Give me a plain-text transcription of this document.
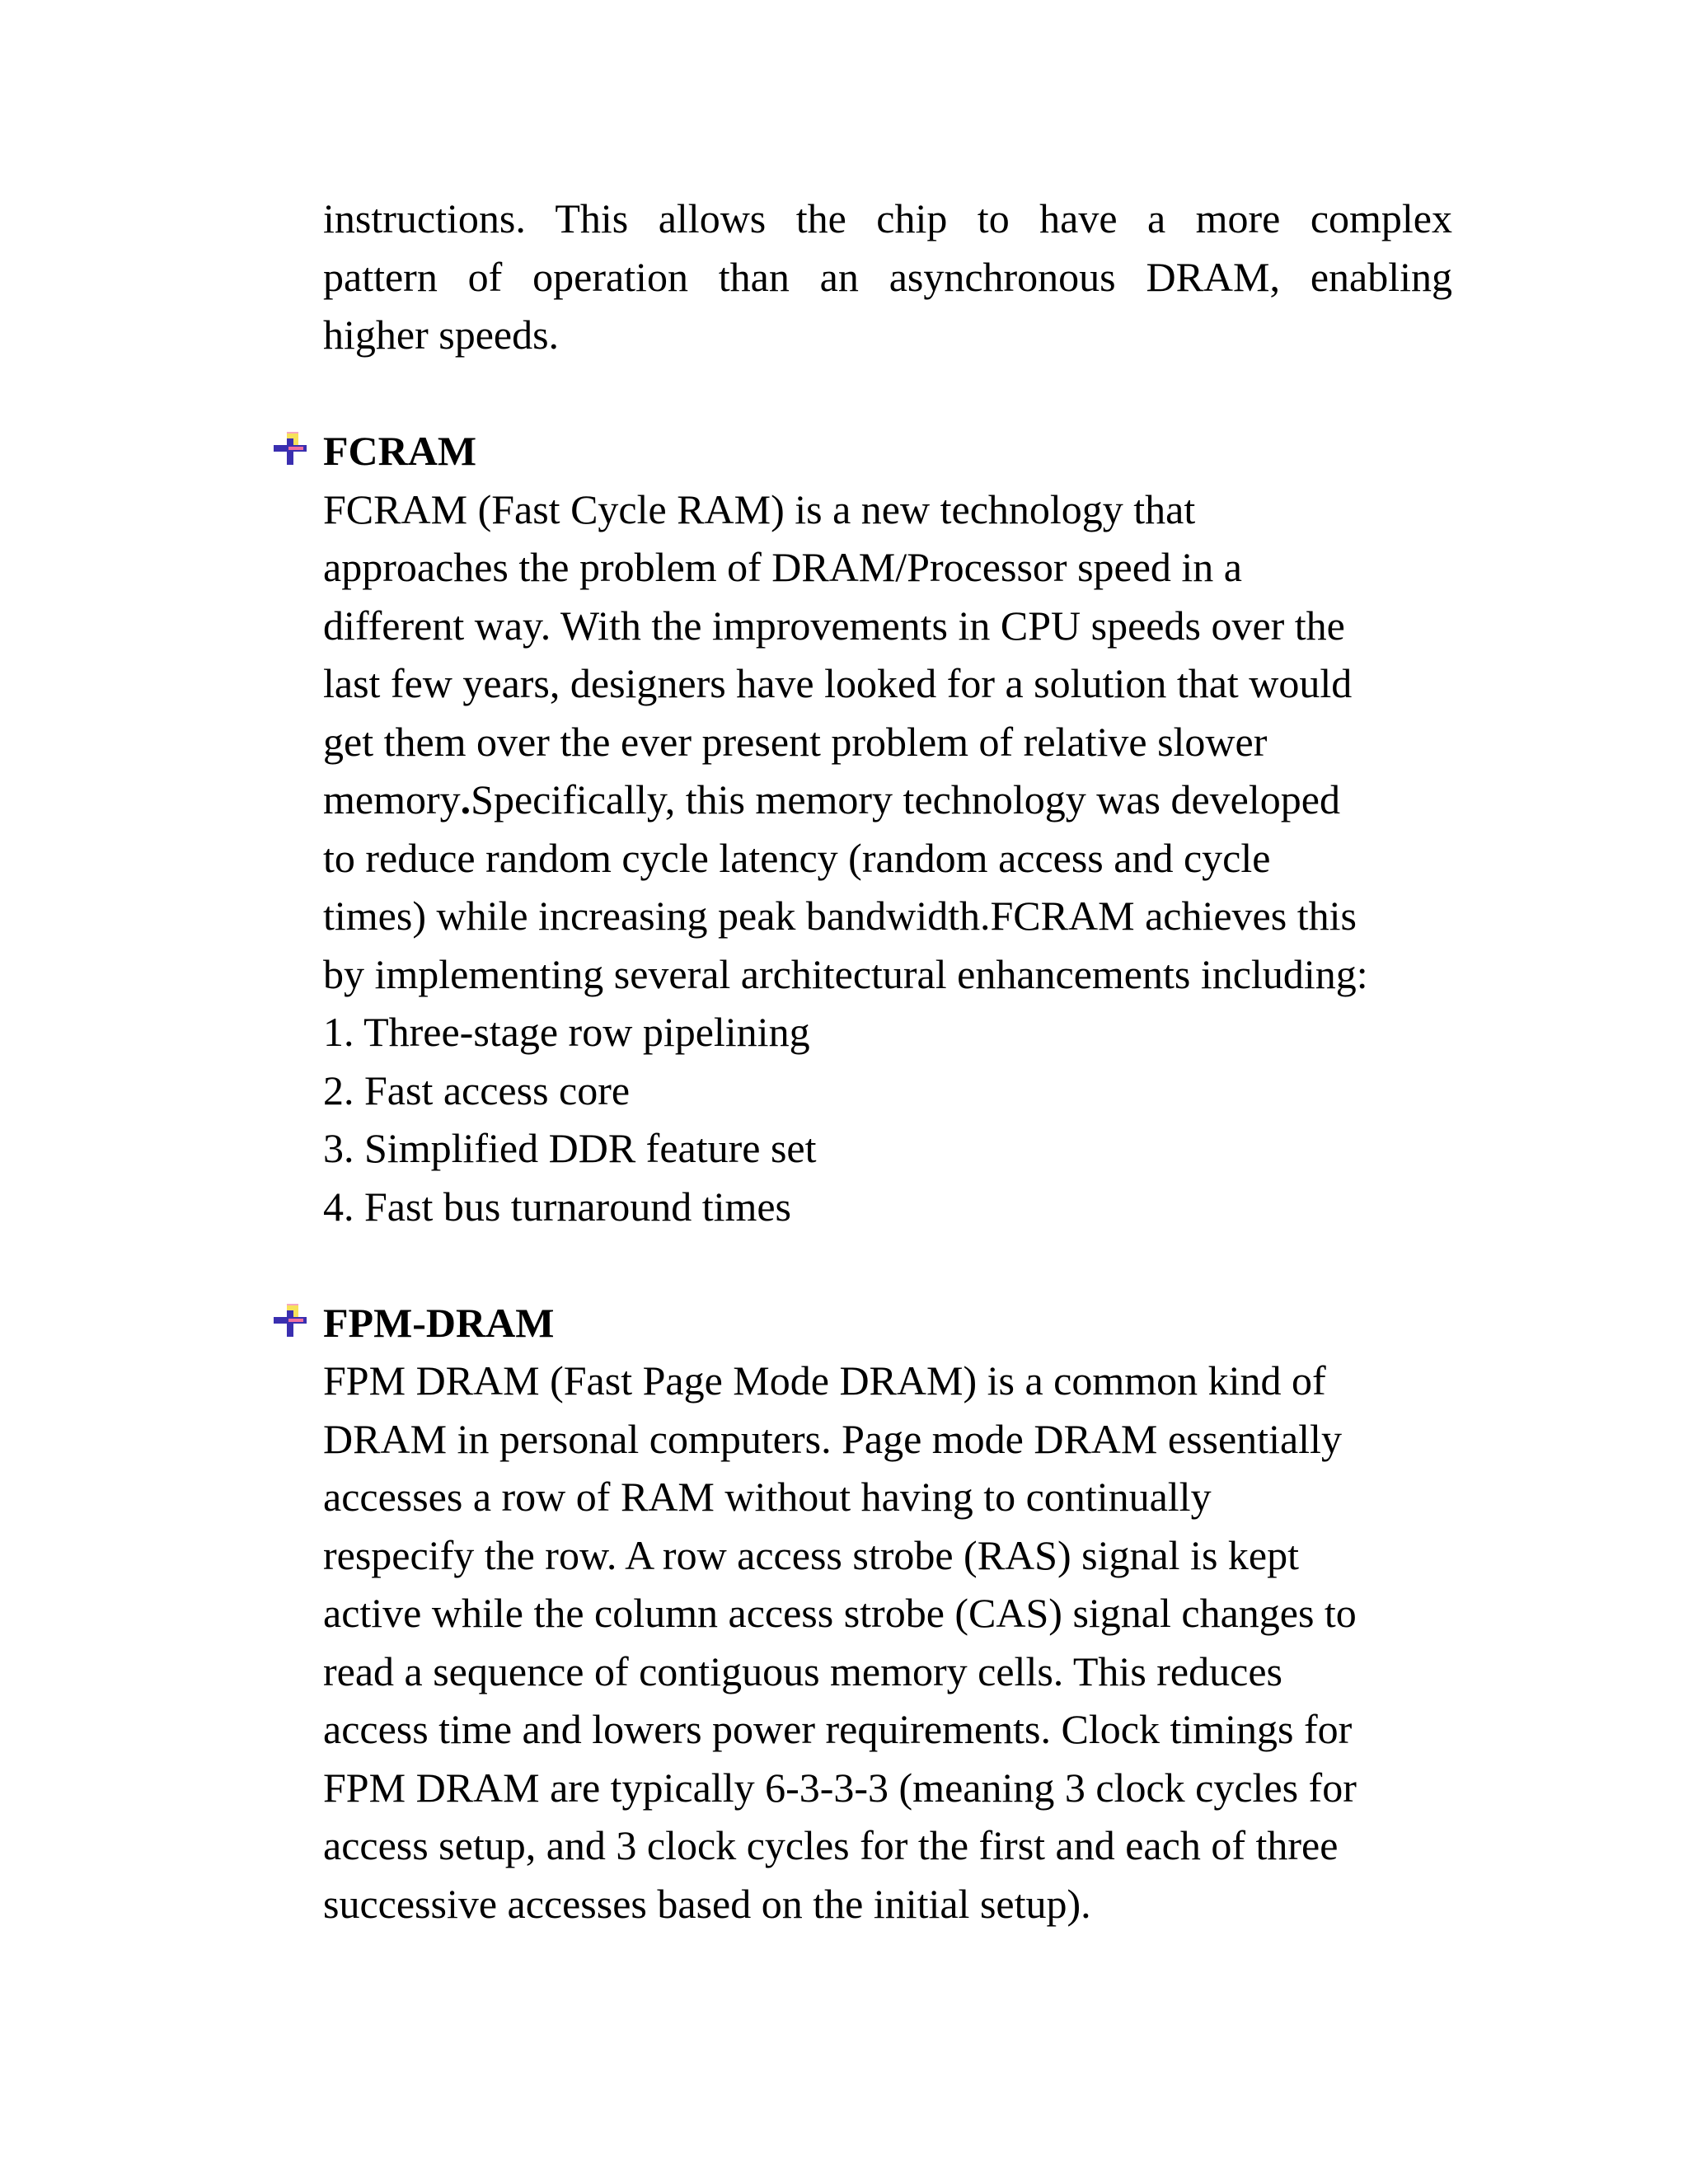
instructions. This allows the chip to have a more complex
pattern of operation than an asynchronous DRAM, enabling
higher speeds.
FCRAM
FCRAM (Fast Cycle RAM) is a new technology that
approaches the problem of DRAM/Processor speed in a
different way. With the improvements in CPU speeds over the
last few years, designers have looked for a solution that would
get them over the ever present problem of relative slower
memory.Specifically, this memory technology was developed
to reduce random cycle latency (random access and cycle
times) while increasing peak bandwidth.FCRAM achieves this
by implementing several architectural enhancements including:
1. Three-stage row pipelining
2. Fast access core
3. Simplified DDR feature set
4. Fast bus turnaround times
FPM-DRAM
FPM DRAM (Fast Page Mode DRAM) is a common kind of
DRAM in personal computers. Page mode DRAM essentially
accesses a row of RAM without having to continually
respecify the row. A row access strobe (RAS) signal is kept
active while the column access strobe (CAS) signal changes to
read a sequence of contiguous memory cells. This reduces
access time and lowers power requirements. Clock timings for
FPM DRAM are typically 6-3-3-3 (meaning 3 clock cycles for
access setup, and 3 clock cycles for the first and each of three
successive accesses based on the initial setup).
